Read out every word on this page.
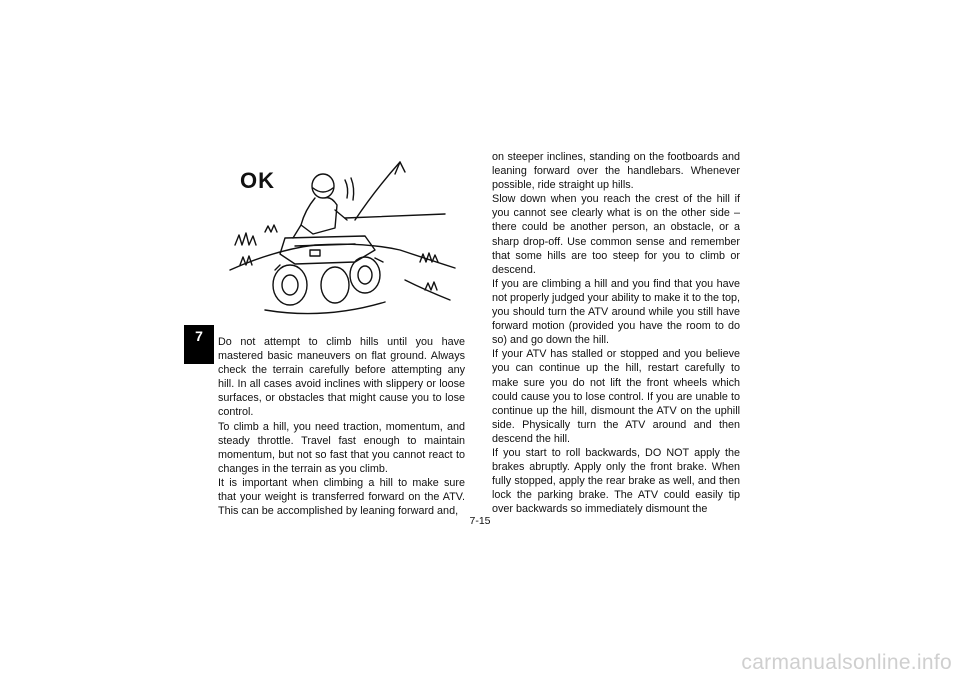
7
OK

Do not attempt to climb hills until you have mastered basic maneuvers on flat ground. Always check the terrain carefully before attempting any hill. In all cases avoid inclines with slippery or loose surfaces, or obstacles that might cause you to lose control.

To climb a hill, you need traction, momentum, and steady throttle. Travel fast enough to maintain momentum, but not so fast that you cannot react to changes in the terrain as you climb.

It is important when climbing a hill to make sure that your weight is transferred forward on the ATV. This can be accomplished by leaning forward and,

on steeper inclines, standing on the footboards and leaning forward over the handlebars. Whenever possible, ride straight up hills.

Slow down when you reach the crest of the hill if you cannot see clearly what is on the other side – there could be another person, an obstacle, or a sharp drop-off. Use common sense and remember that some hills are too steep for you to climb or descend.

If you are climbing a hill and you find that you have not properly judged your ability to make it to the top, you should turn the ATV around while you still have forward motion (provided you have the room to do so) and go down the hill.

If your ATV has stalled or stopped and you believe you can continue up the hill, restart carefully to make sure you do not lift the front wheels which could cause you to lose control. If you are unable to continue up the hill, dismount the ATV on the uphill side. Physically turn the ATV around and then descend the hill.

If you start to roll backwards, DO NOT apply the brakes abruptly. Apply only the front brake. When fully stopped, apply the rear brake as well, and then lock the parking brake. The ATV could easily tip over backwards so immediately dismount the

7-15
carmanualsonline.info
